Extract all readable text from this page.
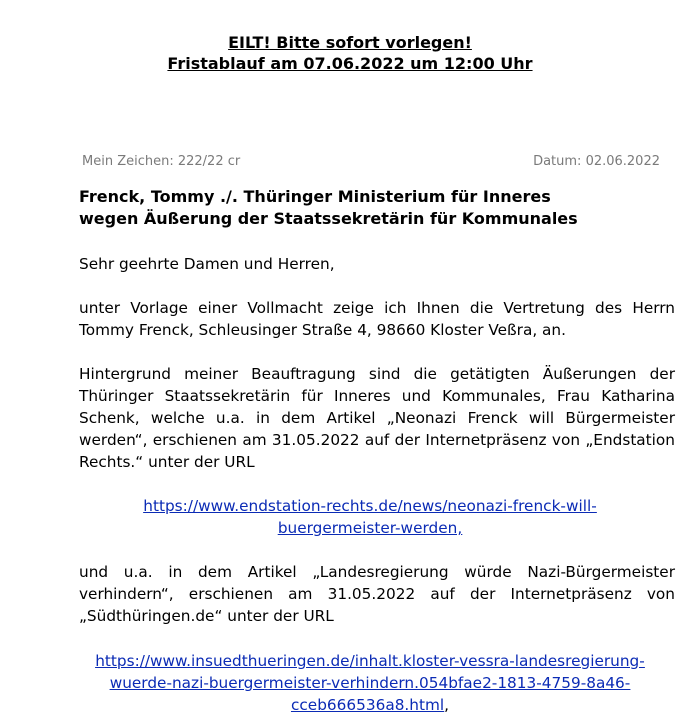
EILT! Bitte sofort vorlegen!
Fristablauf am 07.06.2022 um 12:00 Uhr
Mein Zeichen: 222/22 cr	Datum: 02.06.2022
Frenck, Tommy ./. Thüringer Ministerium für Inneres
wegen Äußerung der Staatssekretärin für Kommunales
Sehr geehrte Damen und Herren,
unter Vorlage einer Vollmacht zeige ich Ihnen die Vertretung des Herrn Tommy Frenck, Schleusinger Straße 4, 98660 Kloster Veßra, an.
Hintergrund meiner Beauftragung sind die getätigten Äußerungen der Thüringer Staatssekretärin für Inneres und Kommunales, Frau Katharina Schenk, welche u.a. in dem Artikel „Neonazi Frenck will Bürgermeister werden“, erschienen am 31.05.2022 auf der Internetpräsenz von „Endstation Rechts.“ unter der URL
https://www.endstation-rechts.de/news/neonazi-frenck-will-
buergermeister-werden,
und u.a. in dem Artikel „Landesregierung würde Nazi-Bürgermeister verhindern“, erschienen am 31.05.2022 auf der Internetpräsenz von „Südthüringen.de“ unter der URL
https://www.insuedthueringen.de/inhalt.kloster-vessra-landesregierung-
wuerde-nazi-buergermeister-verhindern.054bfae2-1813-4759-8a46-
cceb666536a8.html,
